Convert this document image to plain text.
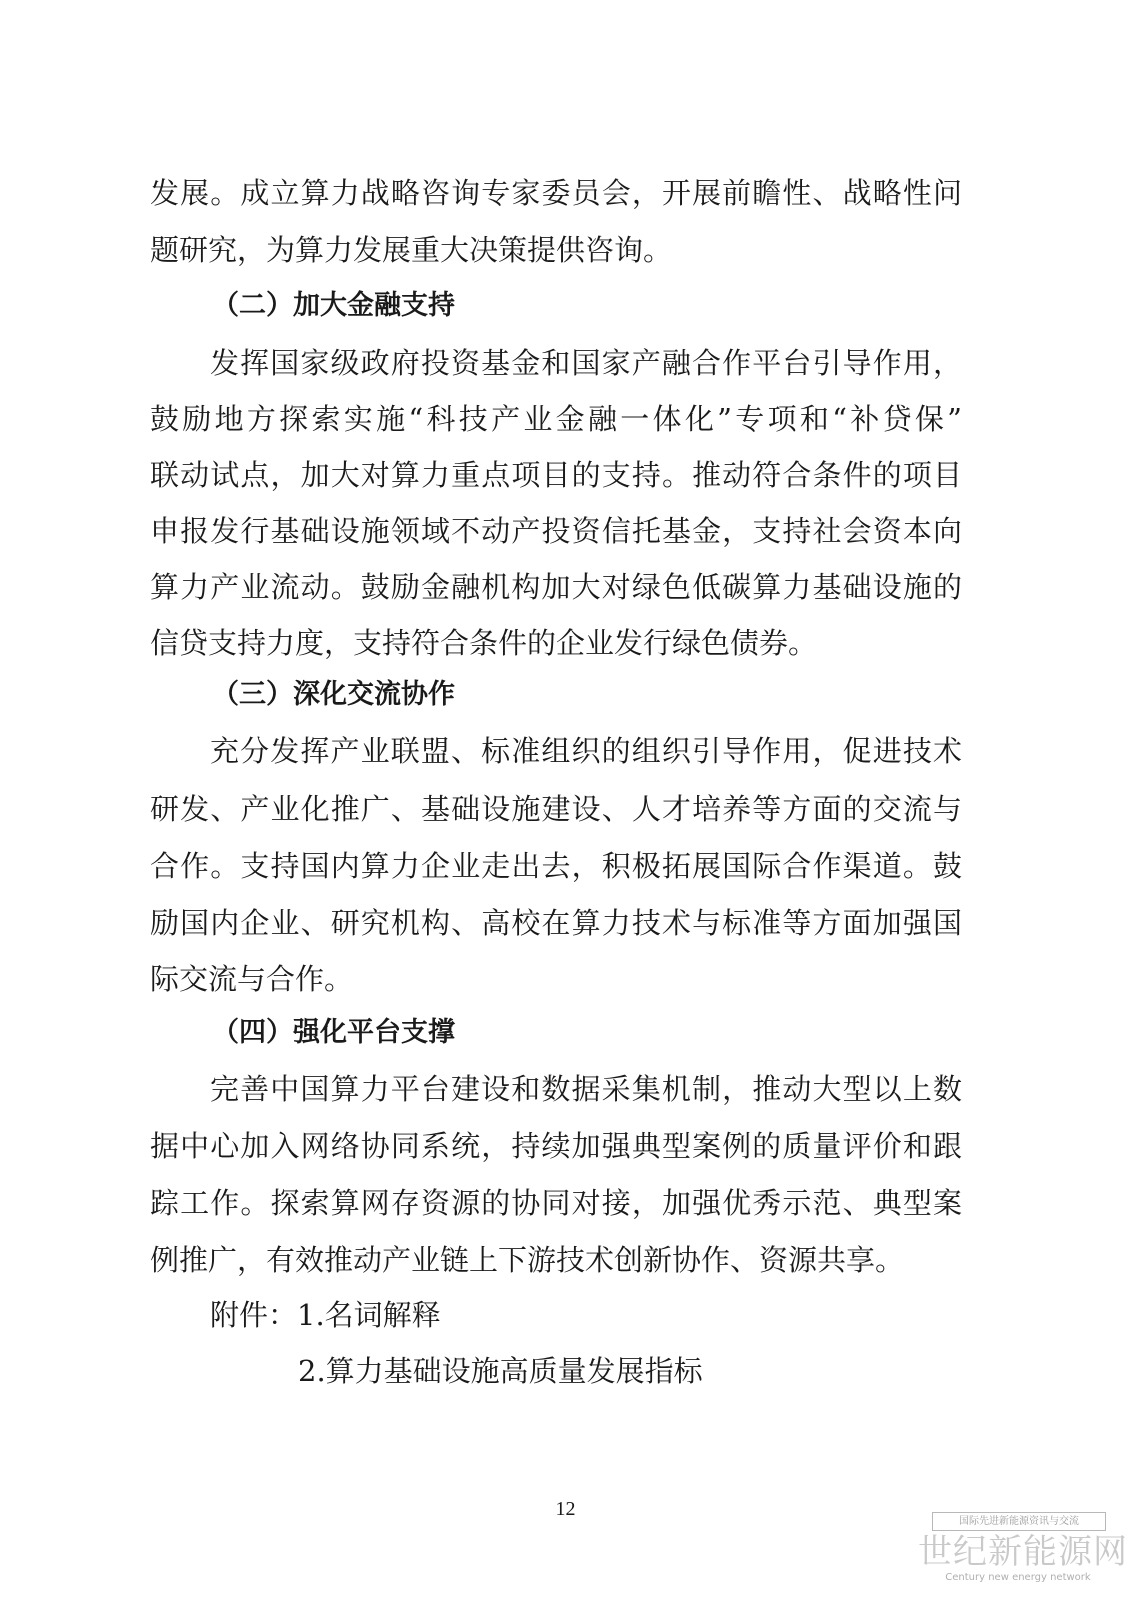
发展。成立算力战略咨询专家委员会，开展前瞻性、战略性问
题研究，为算力发展重大决策提供咨询。
（二）加大金融支持
发挥国家级政府投资基金和国家产融合作平台引导作用，
鼓励地方探索实施“科技产业金融一体化”专项和“补贷保”
联动试点，加大对算力重点项目的支持。推动符合条件的项目
申报发行基础设施领域不动产投资信托基金，支持社会资本向
算力产业流动。鼓励金融机构加大对绿色低碳算力基础设施的
信贷支持力度，支持符合条件的企业发行绿色债券。
（三）深化交流协作
充分发挥产业联盟、标准组织的组织引导作用，促进技术
研发、产业化推广、基础设施建设、人才培养等方面的交流与
合作。支持国内算力企业走出去，积极拓展国际合作渠道。鼓
励国内企业、研究机构、高校在算力技术与标准等方面加强国
际交流与合作。
（四）强化平台支撑
完善中国算力平台建设和数据采集机制，推动大型以上数
据中心加入网络协同系统，持续加强典型案例的质量评价和跟
踪工作。探索算网存资源的协同对接，加强优秀示范、典型案
例推广，有效推动产业链上下游技术创新协作、资源共享。
附件：1.名词解释
2.算力基础设施高质量发展指标
12
国际先进新能源资讯与交流
世纪新能源网
Century new energy network
